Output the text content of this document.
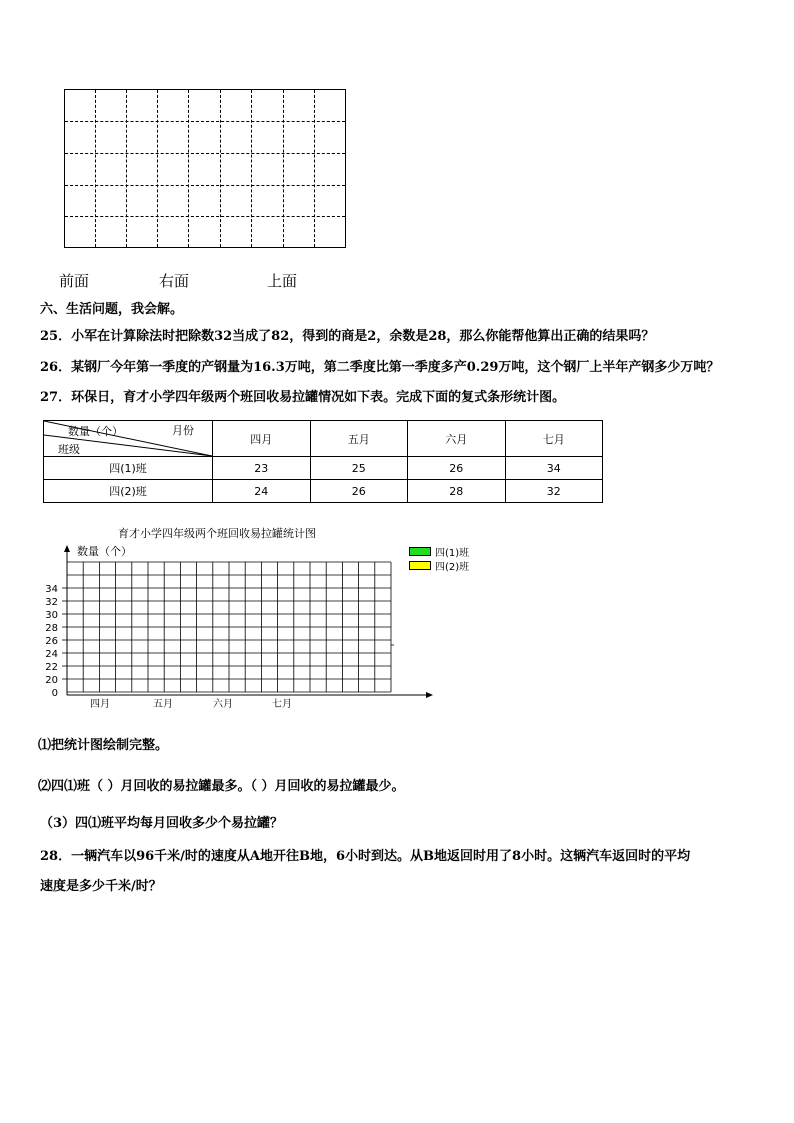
前面	右面	上面
六、生活问题，我会解。
25．小军在计算除法时把除数32当成了82，得到的商是2，余数是28，那么你能帮他算出正确的结果吗？
26．某钢厂今年第一季度的产钢量为16.3万吨，第二季度比第一季度多产0.29万吨，这个钢厂上半年产钢多少万吨？
27．环保日，育才小学四年级两个班回收易拉罐情况如下表。完成下面的复式条形统计图。
数量（个） 月份
班级	四月	五月	六月	七月
四(1)班	23	25	26	34
四(2)班	24	26	28	32
育才小学四年级两个班回收易拉罐统计图
数量（个）
0
20
22
24
26
28
30
32
34
四月	五月	六月	七月
四(1)班
四(2)班
⑴把统计图绘制完整。
⑵四⑴班（ ）月回收的易拉罐最多。（ ）月回收的易拉罐最少。
（3）四⑴班平均每月回收多少个易拉罐？
28．一辆汽车以96千米/时的速度从A地开往B地，6小时到达。从B地返回时用了8小时。这辆汽车返回时的平均
速度是多少千米/时？
